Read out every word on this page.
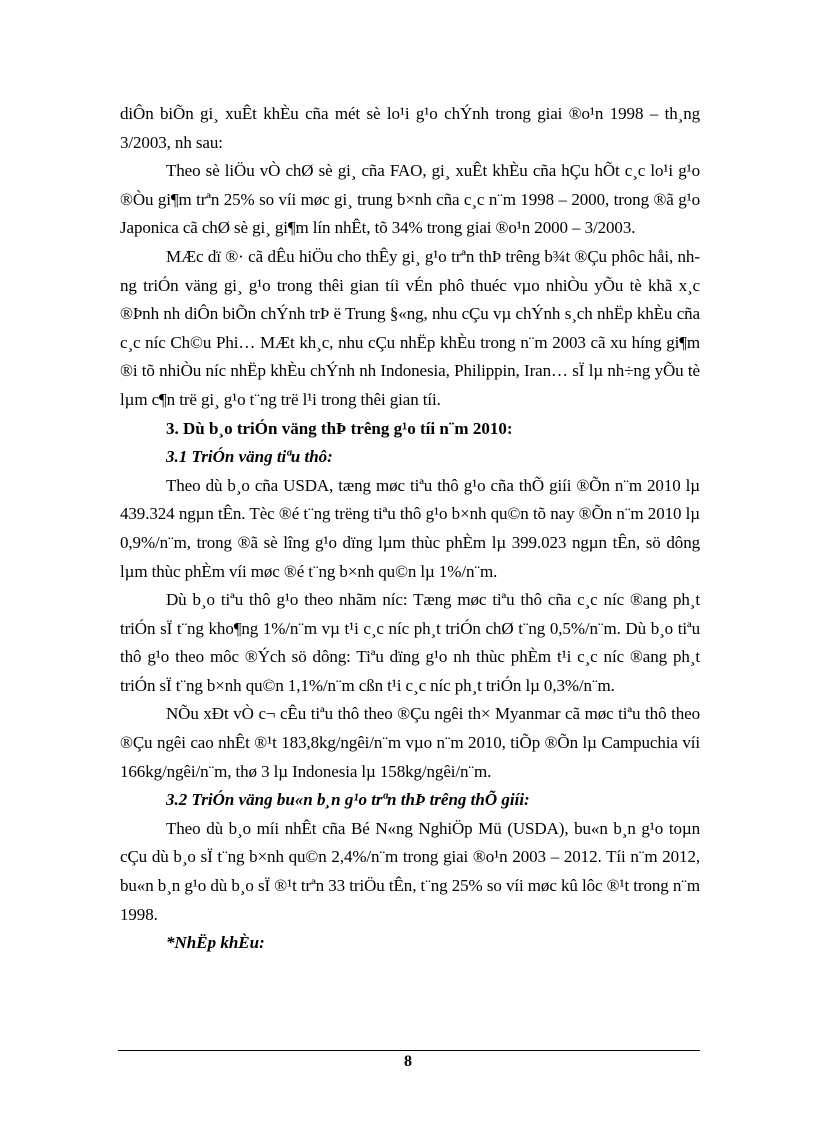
diÔn biÕn gi¸ xuÊt khÈu cña mét sè lo¹i g¹o chÝnh trong giai ®o¹n 1998 – th¸ng 3/2003, nh sau:

Theo sè liÖu vÒ chØ sè gi¸ cña FAO, gi¸ xuÊt khÈu cña hÇu hÕt c¸c lo¹i g¹o ®Òu gi¶m trªn 25% so víi møc gi¸ trung b×nh cña c¸c n¨m 1998 – 2000, trong ®ã g¹o Japonica cã chØ sè gi¸ gi¶m lín nhÊt, tõ 34% trong giai ®o¹n 2000 – 3/2003.

MÆc dï ®· cã dÊu hiÖu cho thÊy gi¸ g¹o trªn thÞ trêng b¾t ®Çu phôc håi, nhng triÓn väng gi¸ g¹o trong thêi gian tíi vÉn phô thuéc vµo nhiÒu yÕu tè khã x¸c ®Þnh nh diÔn biÕn chÝnh trÞ ë Trung §«ng, nhu cÇu vµ chÝnh s¸ch nhËp khÈu cña c¸c níc Ch©u Phi… MÆt kh¸c, nhu cÇu nhËp khÈu trong n¨m 2003 cã xu híng gi¶m ®i tõ nhiÒu níc nhËp khÈu chÝnh nh Indonesia, Philippin, Iran… sÏ lµ nh÷ng yÕu tè lµm c¶n trë gi¸ g¹o t¨ng trë l¹i trong thêi gian tíi.

3. Dù b¸o triÓn väng thÞ trêng g¹o tíi n¨m 2010:

3.1 TriÓn väng tiªu thô:

Theo dù b¸o cña USDA, tæng møc tiªu thô g¹o cña thÕ giíi ®Õn n¨m 2010 lµ 439.324 ngµn tÊn. Tèc ®é t¨ng trëng tiªu thô g¹o b×nh qu©n tõ nay ®Õn n¨m 2010 lµ 0,9%/n¨m, trong ®ã sè lîng g¹o dïng lµm thùc phÈm lµ 399.023 ngµn tÊn, sö dông lµm thùc phÈm víi møc ®é t¨ng b×nh qu©n lµ 1%/n¨m.

Dù b¸o tiªu thô g¹o theo nhãm níc: Tæng møc tiªu thô cña c¸c níc ®ang ph¸t triÓn sÏ t¨ng kho¶ng 1%/n¨m vµ t¹i c¸c níc ph¸t triÓn chØ t¨ng 0,5%/n¨m. Dù b¸o tiªu thô g¹o theo môc ®Ých sö dông: Tiªu dïng g¹o nh thùc phÈm t¹i c¸c níc ®ang ph¸t triÓn sÏ t¨ng b×nh qu©n 1,1%/n¨m cßn t¹i c¸c níc ph¸t triÓn lµ 0,3%/n¨m.

NÕu xÐt vÒ c¬ cÊu tiªu thô theo ®Çu ngêi th× Myanmar cã møc tiªu thô theo ®Çu ngêi cao nhÊt ®¹t 183,8kg/ngêi/n¨m vµo n¨m 2010, tiÕp ®Õn lµ Campuchia víi 166kg/ngêi/n¨m, thø 3 lµ Indonesia lµ 158kg/ngêi/n¨m.

3.2 TriÓn väng bu«n b¸n g¹o trªn thÞ trêng thÕ giíi:

Theo dù b¸o míi nhÊt cña Bé N«ng NghiÖp Mü (USDA), bu«n b¸n g¹o toµn cÇu dù b¸o sÏ t¨ng b×nh qu©n 2,4%/n¨m trong giai ®o¹n 2003 – 2012. Tíi n¨m 2012, bu«n b¸n g¹o dù b¸o sÏ ®¹t trªn 33 triÖu tÊn, t¨ng 25% so víi møc kû lôc ®¹t trong n¨m 1998.

*NhËp khÈu:

8
